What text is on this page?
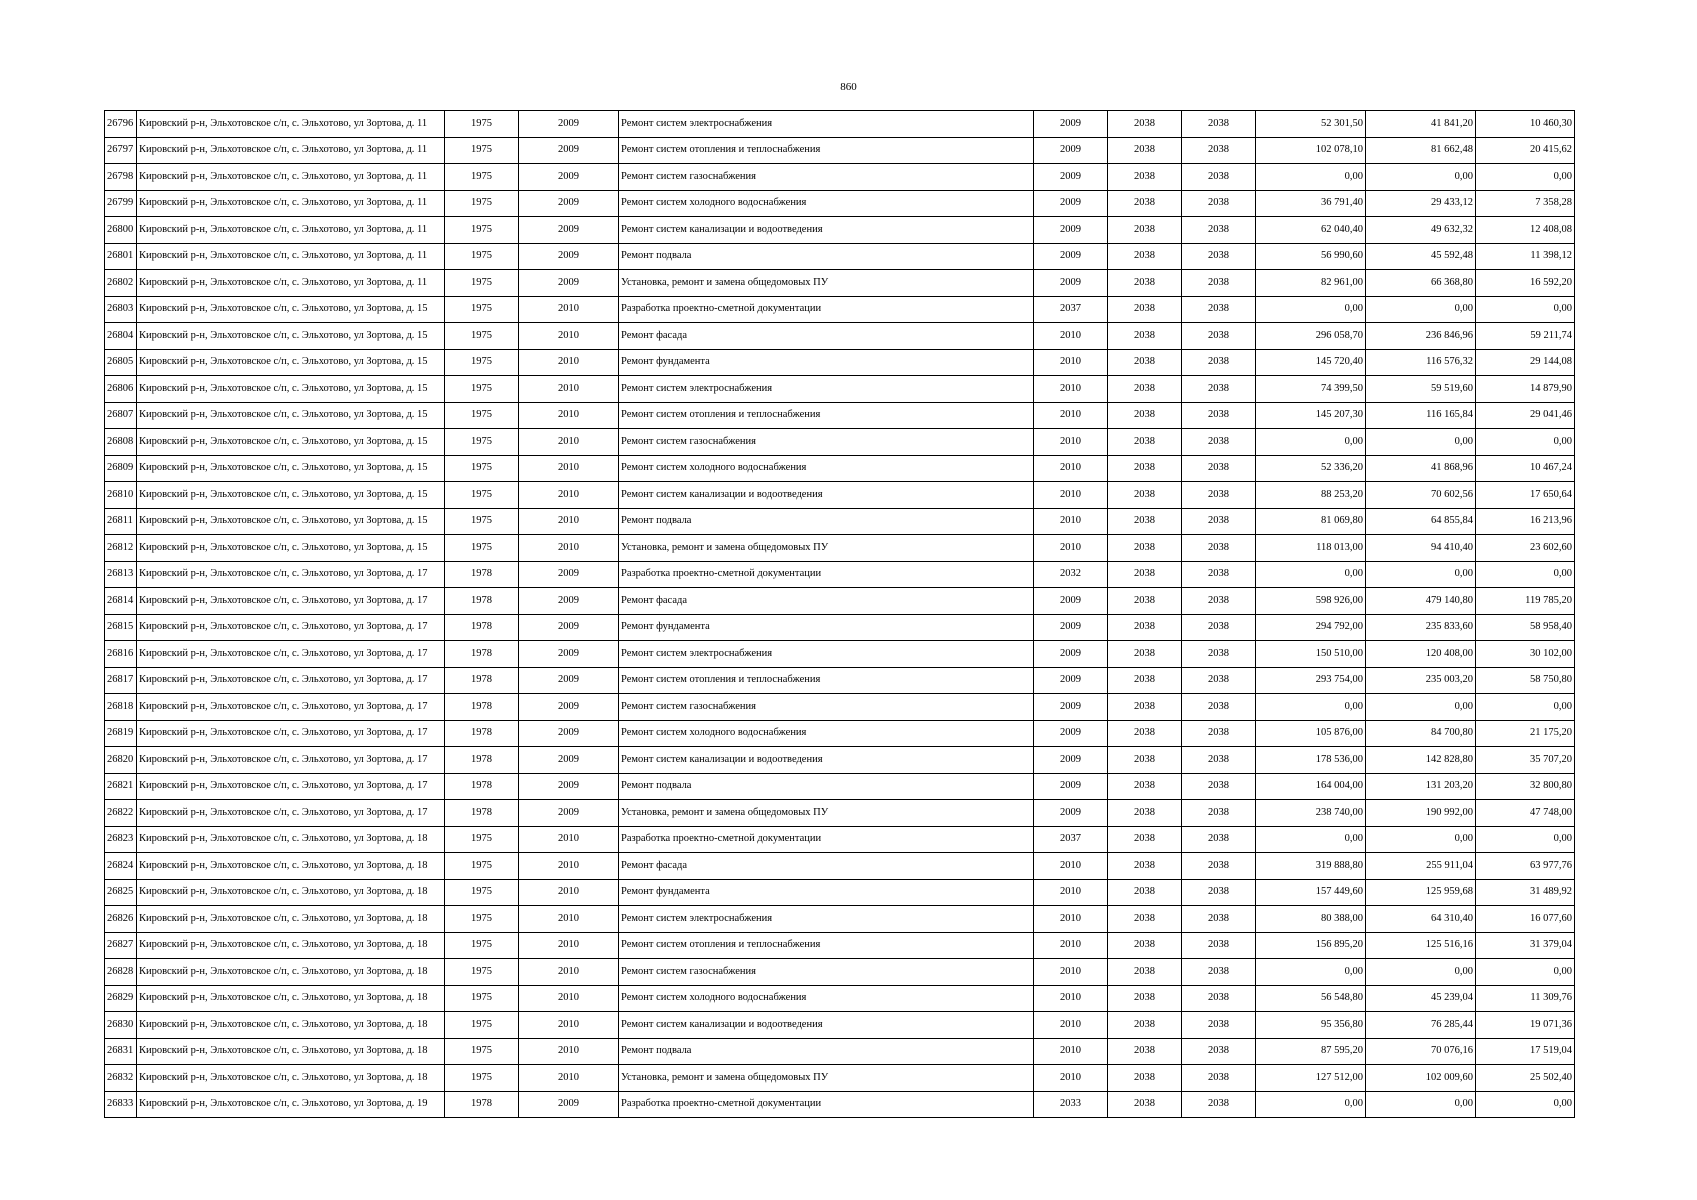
860
26796	Кировский р-н, Эльхотовское с/п, с. Эльхотово, ул Зортова, д. 11	1975	2009	Ремонт систем электроснабжения	2009	2038	2038	52 301,50	41 841,20	10 460,30
26797	Кировский р-н, Эльхотовское с/п, с. Эльхотово, ул Зортова, д. 11	1975	2009	Ремонт систем отопления и теплоснабжения	2009	2038	2038	102 078,10	81 662,48	20 415,62
26798	Кировский р-н, Эльхотовское с/п, с. Эльхотово, ул Зортова, д. 11	1975	2009	Ремонт систем газоснабжения	2009	2038	2038	0,00	0,00	0,00
26799	Кировский р-н, Эльхотовское с/п, с. Эльхотово, ул Зортова, д. 11	1975	2009	Ремонт систем холодного водоснабжения	2009	2038	2038	36 791,40	29 433,12	7 358,28
26800	Кировский р-н, Эльхотовское с/п, с. Эльхотово, ул Зортова, д. 11	1975	2009	Ремонт систем канализации и водоотведения	2009	2038	2038	62 040,40	49 632,32	12 408,08
26801	Кировский р-н, Эльхотовское с/п, с. Эльхотово, ул Зортова, д. 11	1975	2009	Ремонт подвала	2009	2038	2038	56 990,60	45 592,48	11 398,12
26802	Кировский р-н, Эльхотовское с/п, с. Эльхотово, ул Зортова, д. 11	1975	2009	Установка, ремонт и замена общедомовых ПУ	2009	2038	2038	82 961,00	66 368,80	16 592,20
26803	Кировский р-н, Эльхотовское с/п, с. Эльхотово, ул Зортова, д. 15	1975	2010	Разработка проектно-сметной документации	2037	2038	2038	0,00	0,00	0,00
26804	Кировский р-н, Эльхотовское с/п, с. Эльхотово, ул Зортова, д. 15	1975	2010	Ремонт фасада	2010	2038	2038	296 058,70	236 846,96	59 211,74
26805	Кировский р-н, Эльхотовское с/п, с. Эльхотово, ул Зортова, д. 15	1975	2010	Ремонт фундамента	2010	2038	2038	145 720,40	116 576,32	29 144,08
26806	Кировский р-н, Эльхотовское с/п, с. Эльхотово, ул Зортова, д. 15	1975	2010	Ремонт систем электроснабжения	2010	2038	2038	74 399,50	59 519,60	14 879,90
26807	Кировский р-н, Эльхотовское с/п, с. Эльхотово, ул Зортова, д. 15	1975	2010	Ремонт систем отопления и теплоснабжения	2010	2038	2038	145 207,30	116 165,84	29 041,46
26808	Кировский р-н, Эльхотовское с/п, с. Эльхотово, ул Зортова, д. 15	1975	2010	Ремонт систем газоснабжения	2010	2038	2038	0,00	0,00	0,00
26809	Кировский р-н, Эльхотовское с/п, с. Эльхотово, ул Зортова, д. 15	1975	2010	Ремонт систем холодного водоснабжения	2010	2038	2038	52 336,20	41 868,96	10 467,24
26810	Кировский р-н, Эльхотовское с/п, с. Эльхотово, ул Зортова, д. 15	1975	2010	Ремонт систем канализации и водоотведения	2010	2038	2038	88 253,20	70 602,56	17 650,64
26811	Кировский р-н, Эльхотовское с/п, с. Эльхотово, ул Зортова, д. 15	1975	2010	Ремонт подвала	2010	2038	2038	81 069,80	64 855,84	16 213,96
26812	Кировский р-н, Эльхотовское с/п, с. Эльхотово, ул Зортова, д. 15	1975	2010	Установка, ремонт и замена общедомовых ПУ	2010	2038	2038	118 013,00	94 410,40	23 602,60
26813	Кировский р-н, Эльхотовское с/п, с. Эльхотово, ул Зортова, д. 17	1978	2009	Разработка проектно-сметной документации	2032	2038	2038	0,00	0,00	0,00
26814	Кировский р-н, Эльхотовское с/п, с. Эльхотово, ул Зортова, д. 17	1978	2009	Ремонт фасада	2009	2038	2038	598 926,00	479 140,80	119 785,20
26815	Кировский р-н, Эльхотовское с/п, с. Эльхотово, ул Зортова, д. 17	1978	2009	Ремонт фундамента	2009	2038	2038	294 792,00	235 833,60	58 958,40
26816	Кировский р-н, Эльхотовское с/п, с. Эльхотово, ул Зортова, д. 17	1978	2009	Ремонт систем электроснабжения	2009	2038	2038	150 510,00	120 408,00	30 102,00
26817	Кировский р-н, Эльхотовское с/п, с. Эльхотово, ул Зортова, д. 17	1978	2009	Ремонт систем отопления и теплоснабжения	2009	2038	2038	293 754,00	235 003,20	58 750,80
26818	Кировский р-н, Эльхотовское с/п, с. Эльхотово, ул Зортова, д. 17	1978	2009	Ремонт систем газоснабжения	2009	2038	2038	0,00	0,00	0,00
26819	Кировский р-н, Эльхотовское с/п, с. Эльхотово, ул Зортова, д. 17	1978	2009	Ремонт систем холодного водоснабжения	2009	2038	2038	105 876,00	84 700,80	21 175,20
26820	Кировский р-н, Эльхотовское с/п, с. Эльхотово, ул Зортова, д. 17	1978	2009	Ремонт систем канализации и водоотведения	2009	2038	2038	178 536,00	142 828,80	35 707,20
26821	Кировский р-н, Эльхотовское с/п, с. Эльхотово, ул Зортова, д. 17	1978	2009	Ремонт подвала	2009	2038	2038	164 004,00	131 203,20	32 800,80
26822	Кировский р-н, Эльхотовское с/п, с. Эльхотово, ул Зортова, д. 17	1978	2009	Установка, ремонт и замена общедомовых ПУ	2009	2038	2038	238 740,00	190 992,00	47 748,00
26823	Кировский р-н, Эльхотовское с/п, с. Эльхотово, ул Зортова, д. 18	1975	2010	Разработка проектно-сметной документации	2037	2038	2038	0,00	0,00	0,00
26824	Кировский р-н, Эльхотовское с/п, с. Эльхотово, ул Зортова, д. 18	1975	2010	Ремонт фасада	2010	2038	2038	319 888,80	255 911,04	63 977,76
26825	Кировский р-н, Эльхотовское с/п, с. Эльхотово, ул Зортова, д. 18	1975	2010	Ремонт фундамента	2010	2038	2038	157 449,60	125 959,68	31 489,92
26826	Кировский р-н, Эльхотовское с/п, с. Эльхотово, ул Зортова, д. 18	1975	2010	Ремонт систем электроснабжения	2010	2038	2038	80 388,00	64 310,40	16 077,60
26827	Кировский р-н, Эльхотовское с/п, с. Эльхотово, ул Зортова, д. 18	1975	2010	Ремонт систем отопления и теплоснабжения	2010	2038	2038	156 895,20	125 516,16	31 379,04
26828	Кировский р-н, Эльхотовское с/п, с. Эльхотово, ул Зортова, д. 18	1975	2010	Ремонт систем газоснабжения	2010	2038	2038	0,00	0,00	0,00
26829	Кировский р-н, Эльхотовское с/п, с. Эльхотово, ул Зортова, д. 18	1975	2010	Ремонт систем холодного водоснабжения	2010	2038	2038	56 548,80	45 239,04	11 309,76
26830	Кировский р-н, Эльхотовское с/п, с. Эльхотово, ул Зортова, д. 18	1975	2010	Ремонт систем канализации и водоотведения	2010	2038	2038	95 356,80	76 285,44	19 071,36
26831	Кировский р-н, Эльхотовское с/п, с. Эльхотово, ул Зортова, д. 18	1975	2010	Ремонт подвала	2010	2038	2038	87 595,20	70 076,16	17 519,04
26832	Кировский р-н, Эльхотовское с/п, с. Эльхотово, ул Зортова, д. 18	1975	2010	Установка, ремонт и замена общедомовых ПУ	2010	2038	2038	127 512,00	102 009,60	25 502,40
26833	Кировский р-н, Эльхотовское с/п, с. Эльхотово, ул Зортова, д. 19	1978	2009	Разработка проектно-сметной документации	2033	2038	2038	0,00	0,00	0,00
